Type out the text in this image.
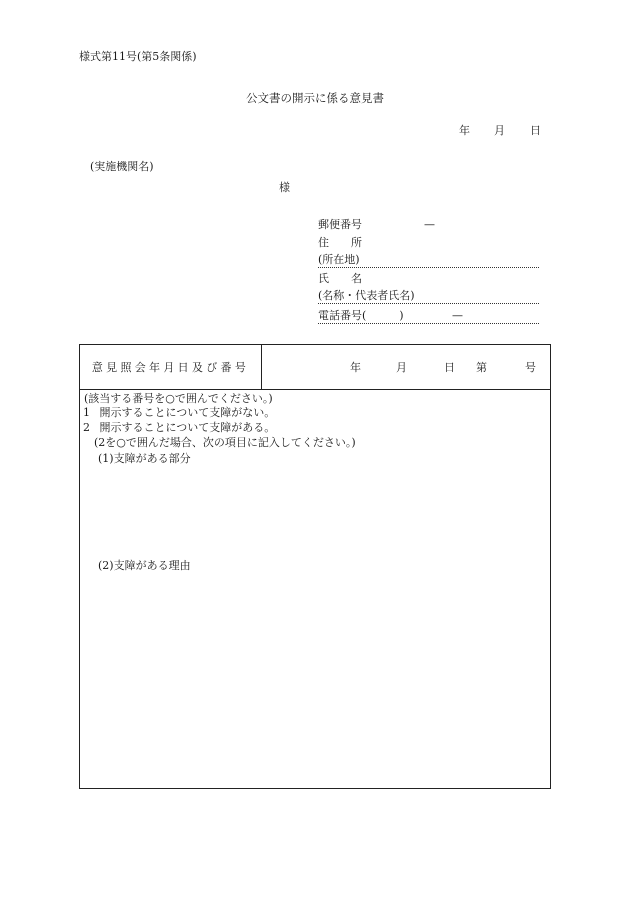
様式第11号(第5条関係)
公文書の開示に係る意見書
年 月 日
(実施機関名)
様
郵便番号	—
住　　所
(所在地)
氏　　名
(名称・代表者氏名)
電話番号(　　　)	—
意見照会年月日及び番号	年	月	日 第	号
(該当する番号を○で囲んでください。)
1 開示することについて支障がない。
2 開示することについて支障がある。
(2を○で囲んだ場合、次の項目に記入してください。)
(1)支障がある部分
(2)支障がある理由
